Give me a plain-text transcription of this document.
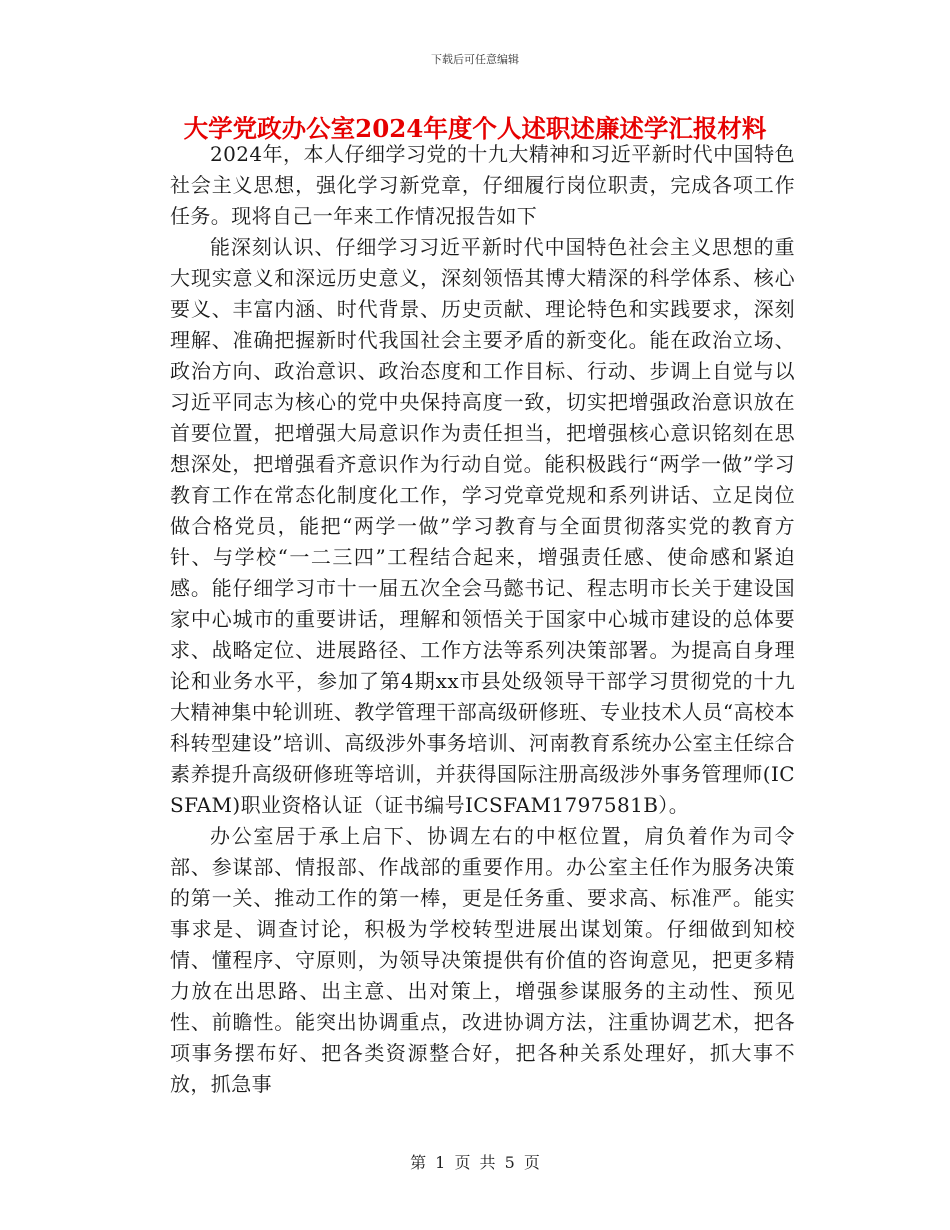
下载后可任意编辑
大学党政办公室2024年度个人述职述廉述学汇报材料

2024年，本人仔细学习党的十九大精神和习近平新时代中国特色社会主义思想，强化学习新党章，仔细履行岗位职责，完成各项工作任务。现将自己一年来工作情况报告如下

能深刻认识、仔细学习习近平新时代中国特色社会主义思想的重大现实意义和深远历史意义，深刻领悟其博大精深的科学体系、核心要义、丰富内涵、时代背景、历史贡献、理论特色和实践要求，深刻理解、准确把握新时代我国社会主要矛盾的新变化。能在政治立场、政治方向、政治意识、政治态度和工作目标、行动、步调上自觉与以习近平同志为核心的党中央保持高度一致，切实把增强政治意识放在首要位置，把增强大局意识作为责任担当，把增强核心意识铭刻在思想深处，把增强看齐意识作为行动自觉。能积极践行“两学一做”学习教育工作在常态化制度化工作，学习党章党规和系列讲话、立足岗位做合格党员，能把“两学一做”学习教育与全面贯彻落实党的教育方针、与学校“一二三四”工程结合起来，增强责任感、使命感和紧迫感。能仔细学习市十一届五次全会马懿书记、程志明市长关于建设国家中心城市的重要讲话，理解和领悟关于国家中心城市建设的总体要求、战略定位、进展路径、工作方法等系列决策部署。为提高自身理论和业务水平，参加了第4期xx市县处级领导干部学习贯彻党的十九大精神集中轮训班、教学管理干部高级研修班、专业技术人员“高校本科转型建设”培训、高级涉外事务培训、河南教育系统办公室主任综合素养提升高级研修班等培训，并获得国际注册高级涉外事务管理师(ICSFAM)职业资格认证（证书编号ICSFAM1797581B）。

办公室居于承上启下、协调左右的中枢位置，肩负着作为司令部、参谋部、情报部、作战部的重要作用。办公室主任作为服务决策的第一关、推动工作的第一棒，更是任务重、要求高、标准严。能实事求是、调查讨论，积极为学校转型进展出谋划策。仔细做到知校情、懂程序、守原则，为领导决策提供有价值的咨询意见，把更多精力放在出思路、出主意、出对策上，增强参谋服务的主动性、预见性、前瞻性。能突出协调重点，改进协调方法，注重协调艺术，把各项事务摆布好、把各类资源整合好，把各种关系处理好，抓大事不放，抓急事

第 1 页 共 5 页
